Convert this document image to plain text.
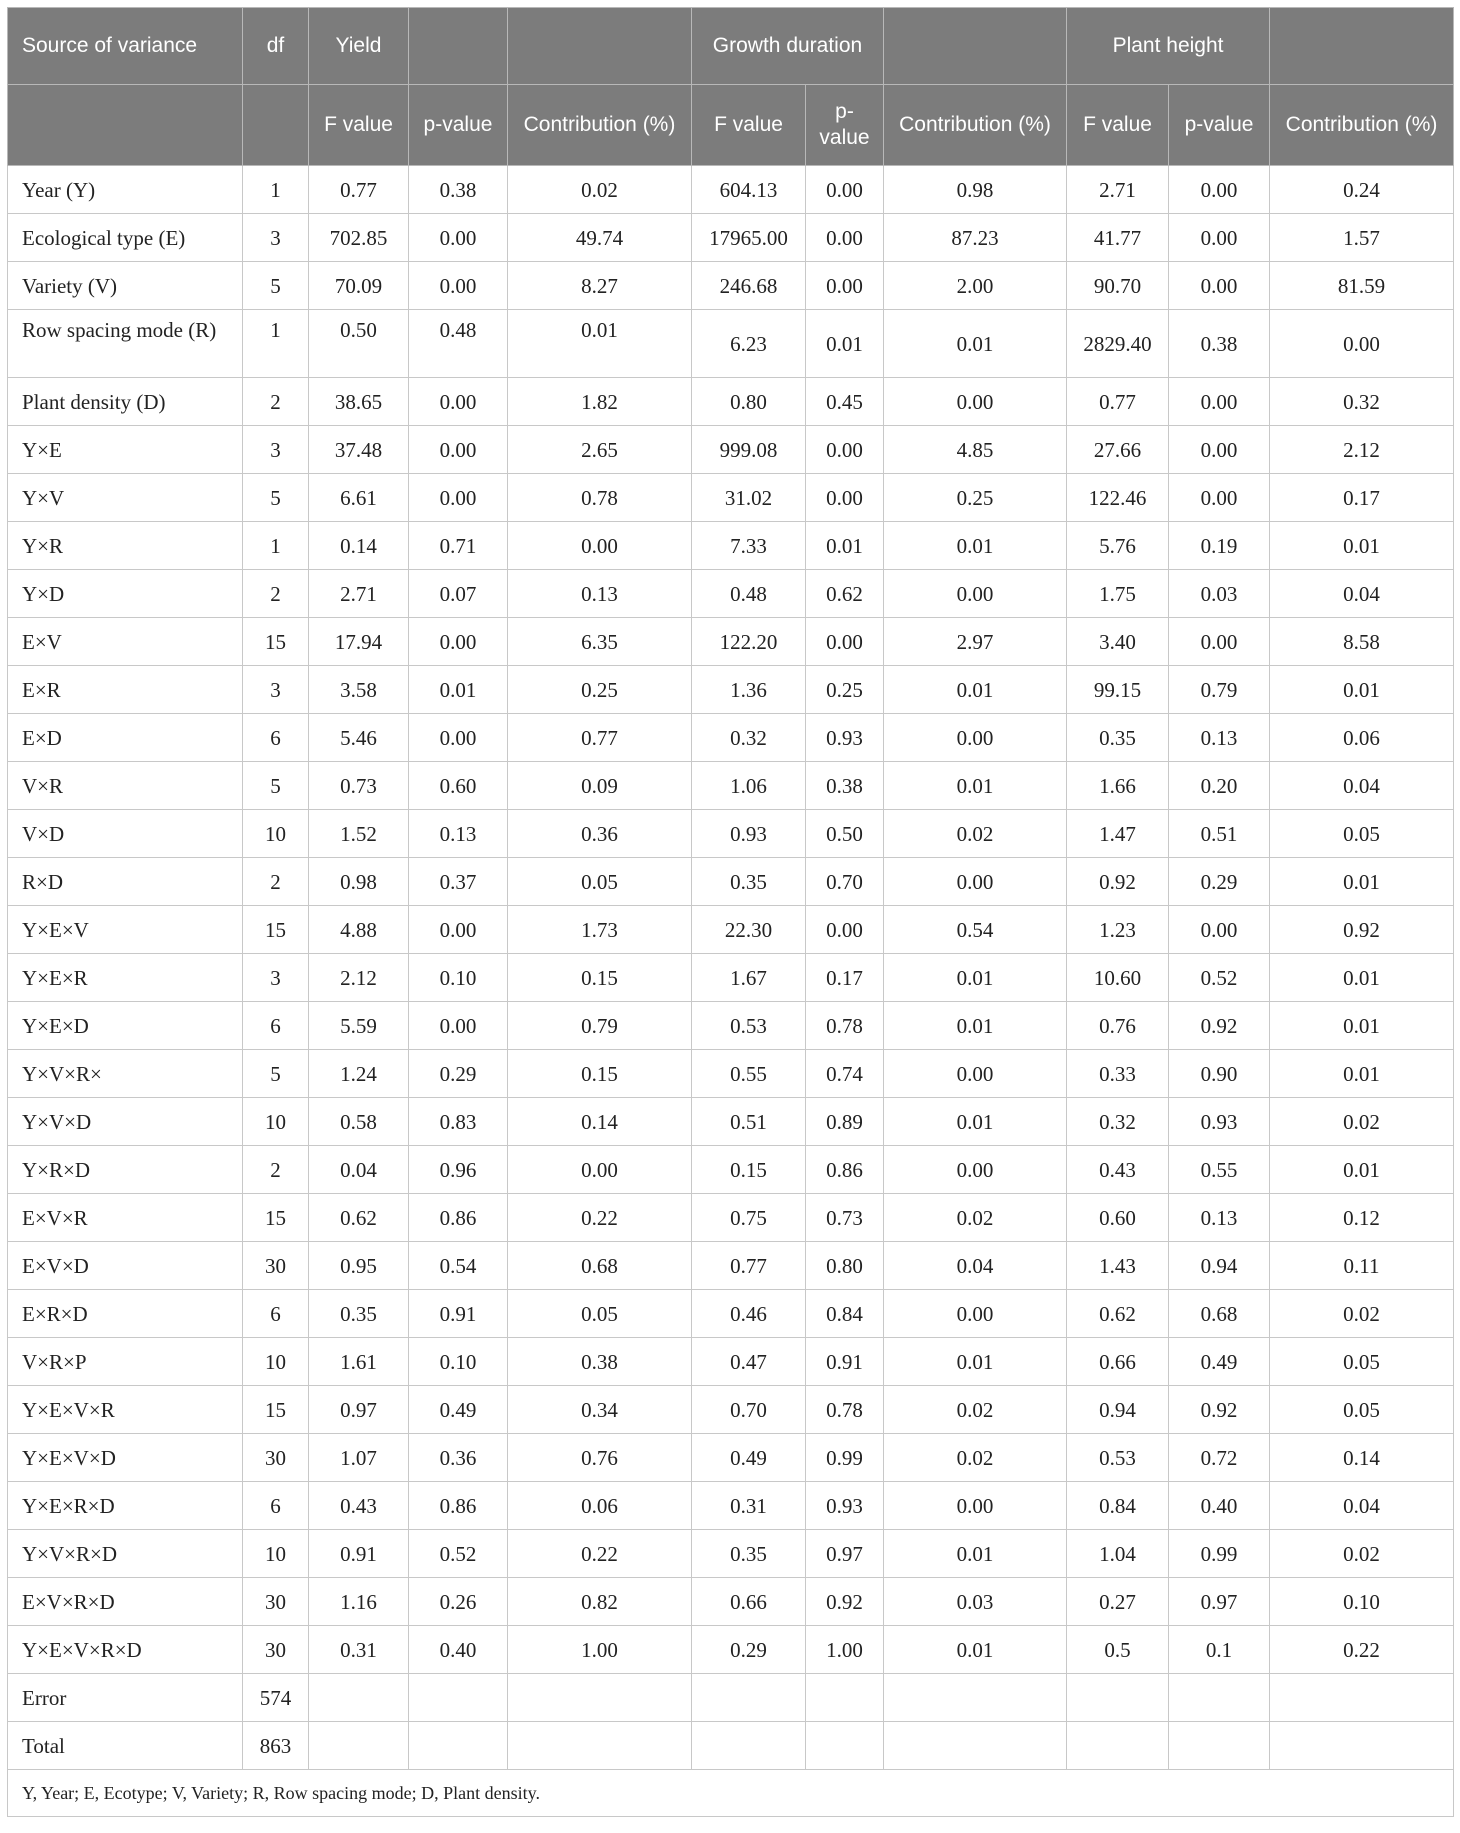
Source of variance	df	Yield			Growth duration			Plant height		
		F value	p-value	Contribution (%)	F value	p-value	Contribution (%)	F value	p-value	Contribution (%)
Year (Y)	1	0.77	0.38	0.02	604.13	0.00	0.98	2.71	0.00	0.24
Ecological type (E)	3	702.85	0.00	49.74	17965.00	0.00	87.23	41.77	0.00	1.57
Variety (V)	5	70.09	0.00	8.27	246.68	0.00	2.00	90.70	0.00	81.59
Row spacing mode (R)	1	0.50	0.48	0.01	6.23	0.01	0.01	2829.40	0.38	0.00
Plant density (D)	2	38.65	0.00	1.82	0.80	0.45	0.00	0.77	0.00	0.32
Y×E	3	37.48	0.00	2.65	999.08	0.00	4.85	27.66	0.00	2.12
Y×V	5	6.61	0.00	0.78	31.02	0.00	0.25	122.46	0.00	0.17
Y×R	1	0.14	0.71	0.00	7.33	0.01	0.01	5.76	0.19	0.01
Y×D	2	2.71	0.07	0.13	0.48	0.62	0.00	1.75	0.03	0.04
E×V	15	17.94	0.00	6.35	122.20	0.00	2.97	3.40	0.00	8.58
E×R	3	3.58	0.01	0.25	1.36	0.25	0.01	99.15	0.79	0.01
E×D	6	5.46	0.00	0.77	0.32	0.93	0.00	0.35	0.13	0.06
V×R	5	0.73	0.60	0.09	1.06	0.38	0.01	1.66	0.20	0.04
V×D	10	1.52	0.13	0.36	0.93	0.50	0.02	1.47	0.51	0.05
R×D	2	0.98	0.37	0.05	0.35	0.70	0.00	0.92	0.29	0.01
Y×E×V	15	4.88	0.00	1.73	22.30	0.00	0.54	1.23	0.00	0.92
Y×E×R	3	2.12	0.10	0.15	1.67	0.17	0.01	10.60	0.52	0.01
Y×E×D	6	5.59	0.00	0.79	0.53	0.78	0.01	0.76	0.92	0.01
Y×V×R×	5	1.24	0.29	0.15	0.55	0.74	0.00	0.33	0.90	0.01
Y×V×D	10	0.58	0.83	0.14	0.51	0.89	0.01	0.32	0.93	0.02
Y×R×D	2	0.04	0.96	0.00	0.15	0.86	0.00	0.43	0.55	0.01
E×V×R	15	0.62	0.86	0.22	0.75	0.73	0.02	0.60	0.13	0.12
E×V×D	30	0.95	0.54	0.68	0.77	0.80	0.04	1.43	0.94	0.11
E×R×D	6	0.35	0.91	0.05	0.46	0.84	0.00	0.62	0.68	0.02
V×R×P	10	1.61	0.10	0.38	0.47	0.91	0.01	0.66	0.49	0.05
Y×E×V×R	15	0.97	0.49	0.34	0.70	0.78	0.02	0.94	0.92	0.05
Y×E×V×D	30	1.07	0.36	0.76	0.49	0.99	0.02	0.53	0.72	0.14
Y×E×R×D	6	0.43	0.86	0.06	0.31	0.93	0.00	0.84	0.40	0.04
Y×V×R×D	10	0.91	0.52	0.22	0.35	0.97	0.01	1.04	0.99	0.02
E×V×R×D	30	1.16	0.26	0.82	0.66	0.92	0.03	0.27	0.97	0.10
Y×E×V×R×D	30	0.31	0.40	1.00	0.29	1.00	0.01	0.5	0.1	0.22
Error	574									
Total	863									
Y, Year; E, Ecotype; V, Variety; R, Row spacing mode; D, Plant density.										
